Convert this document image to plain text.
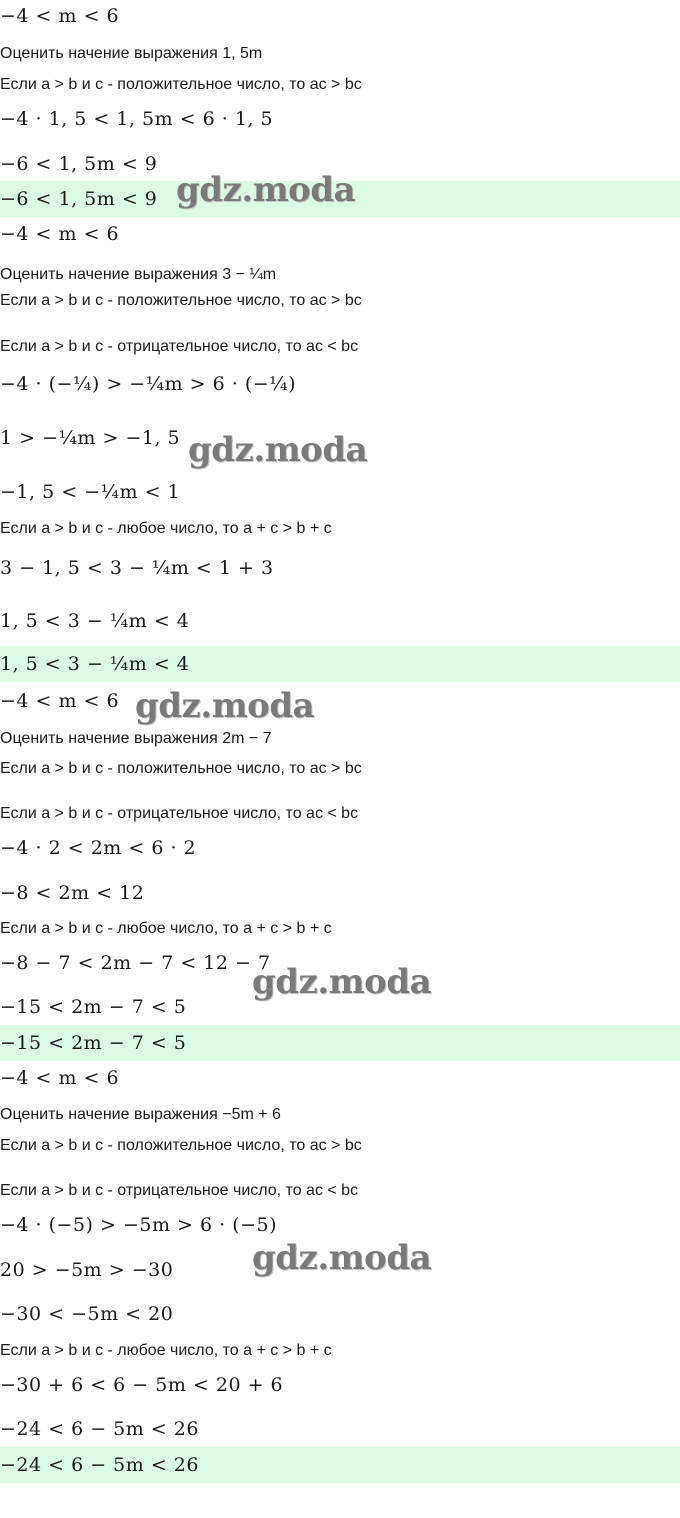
−4 < m < 6
Оценить начение выражения 1, 5m
Если a > b и c - положительное число, то ac > bc
−4 · 1, 5 < 1, 5m < 6 · 1, 5
−6 < 1, 5m < 9
−6 < 1, 5m < 9
−4 < m < 6
Оценить начение выражения 3 − ¼m
Если a > b и c - положительное число, то ac > bc
Если a > b и c - отрицательное число, то ac < bc
−4 · (−¼) > −¼m > 6 · (−¼)
1 > −¼m > −1, 5
−1, 5 < −¼m < 1
Если a > b и c - любое число, то a + c > b + c
3 − 1, 5 < 3 − ¼m < 1 + 3
1, 5 < 3 − ¼m < 4
1, 5 < 3 − ¼m < 4
−4 < m < 6
Оценить начение выражения 2m − 7
Если a > b и c - положительное число, то ac > bc
Если a > b и c - отрицательное число, то ac < bc
−4 · 2 < 2m < 6 · 2
−8 < 2m < 12
Если a > b и c - любое число, то a + c > b + c
−8 − 7 < 2m − 7 < 12 − 7
−15 < 2m − 7 < 5
−15 < 2m − 7 < 5
−4 < m < 6
Оценить начение выражения −5m + 6
Если a > b и c - положительное число, то ac > bc
Если a > b и c - отрицательное число, то ac < bc
−4 · (−5) > −5m > 6 · (−5)
20 > −5m > −30
−30 < −5m < 20
Если a > b и c - любое число, то a + c > b + c
−30 + 6 < 6 − 5m < 20 + 6
−24 < 6 − 5m < 26
−24 < 6 − 5m < 26
gdz.moda
gdz.moda
gdz.moda
gdz.moda
gdz.moda
